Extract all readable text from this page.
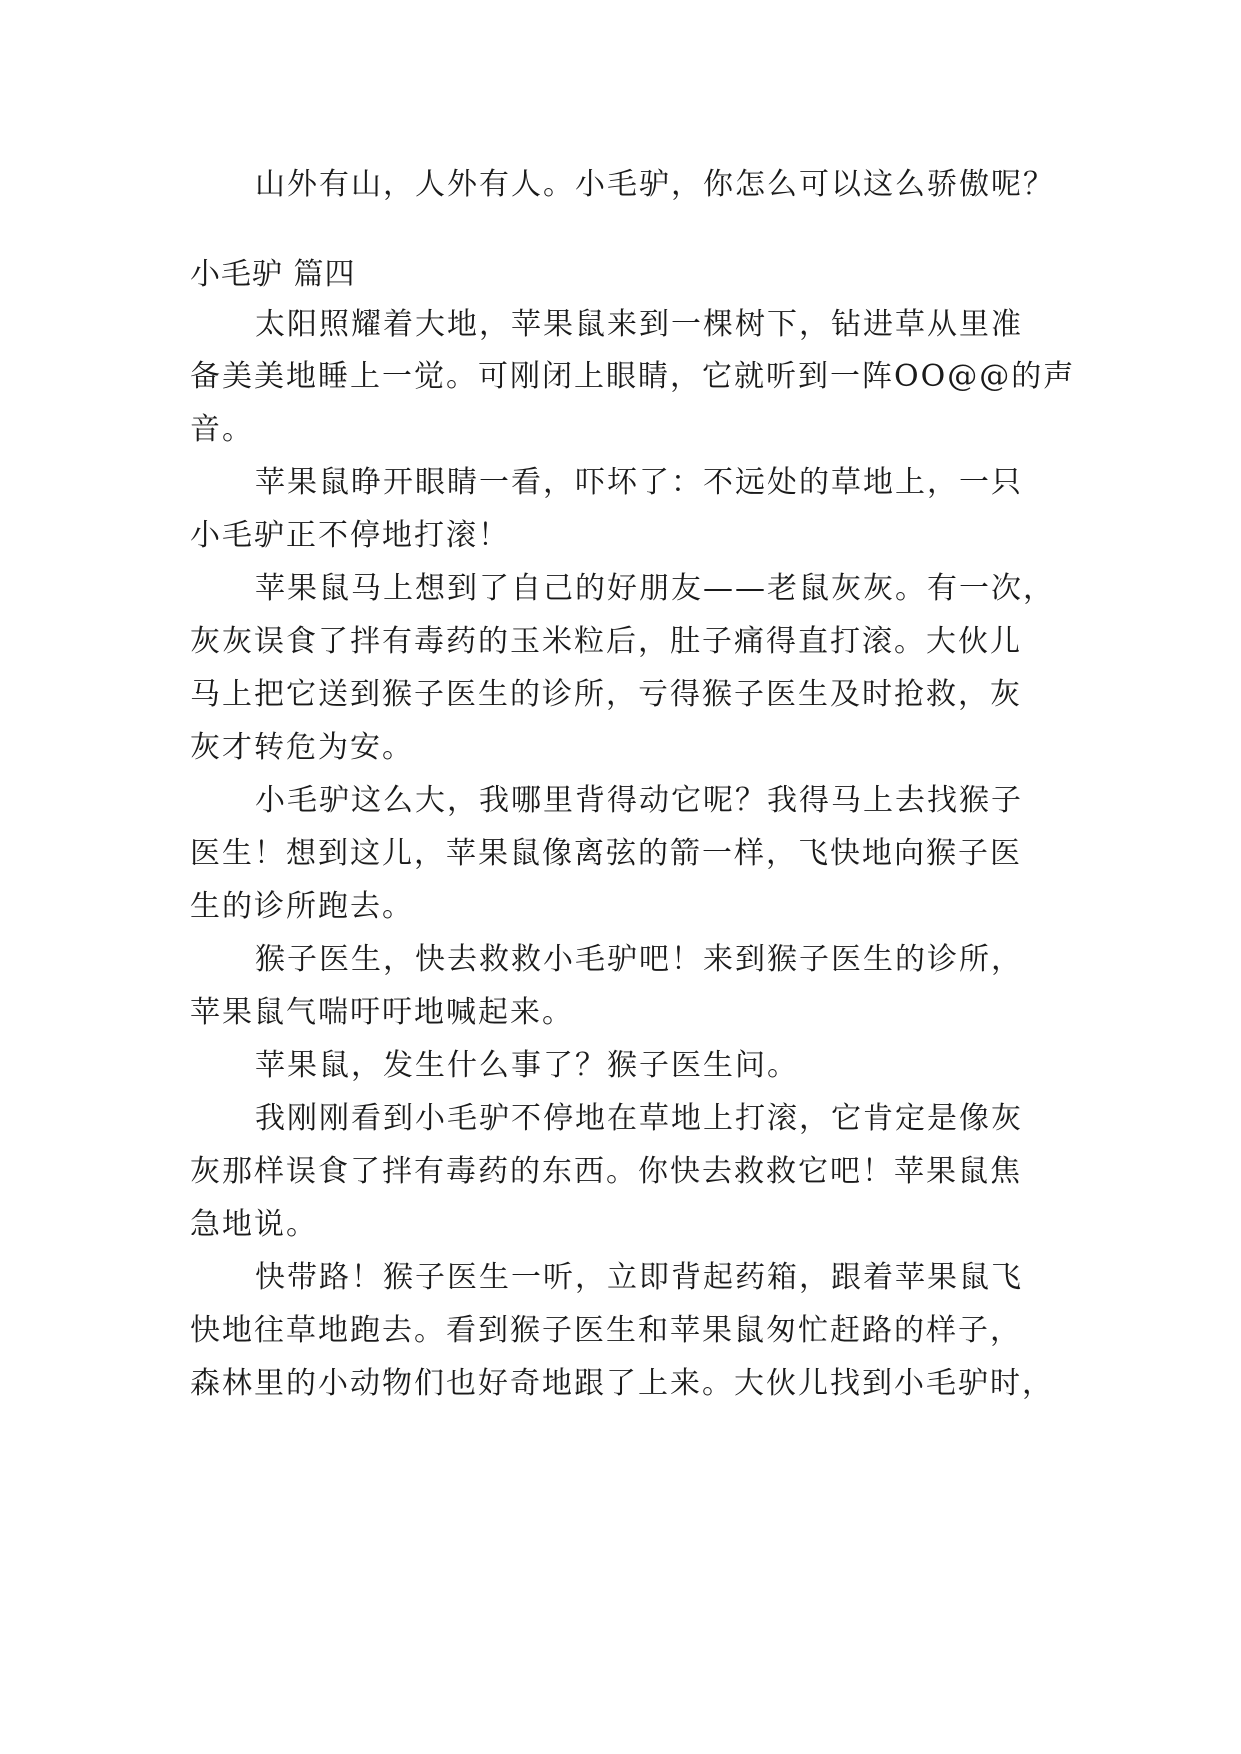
山外有山，人外有人。小毛驴，你怎么可以这么骄傲呢？
小毛驴 篇四
太阳照耀着大地，苹果鼠来到一棵树下，钻进草从里准
备美美地睡上一觉。可刚闭上眼睛，它就听到一阵OO@@的声
音。
苹果鼠睁开眼睛一看，吓坏了：不远处的草地上，一只
小毛驴正不停地打滚！
苹果鼠马上想到了自己的好朋友——老鼠灰灰。有一次，
灰灰误食了拌有毒药的玉米粒后，肚子痛得直打滚。大伙儿
马上把它送到猴子医生的诊所，亏得猴子医生及时抢救，灰
灰才转危为安。
小毛驴这么大，我哪里背得动它呢？我得马上去找猴子
医生！想到这儿，苹果鼠像离弦的箭一样，飞快地向猴子医
生的诊所跑去。
猴子医生，快去救救小毛驴吧！来到猴子医生的诊所，
苹果鼠气喘吁吁地喊起来。
苹果鼠，发生什么事了？猴子医生问。
我刚刚看到小毛驴不停地在草地上打滚，它肯定是像灰
灰那样误食了拌有毒药的东西。你快去救救它吧！苹果鼠焦
急地说。
快带路！猴子医生一听，立即背起药箱，跟着苹果鼠飞
快地往草地跑去。看到猴子医生和苹果鼠匆忙赶路的样子，
森林里的小动物们也好奇地跟了上来。大伙儿找到小毛驴时，
